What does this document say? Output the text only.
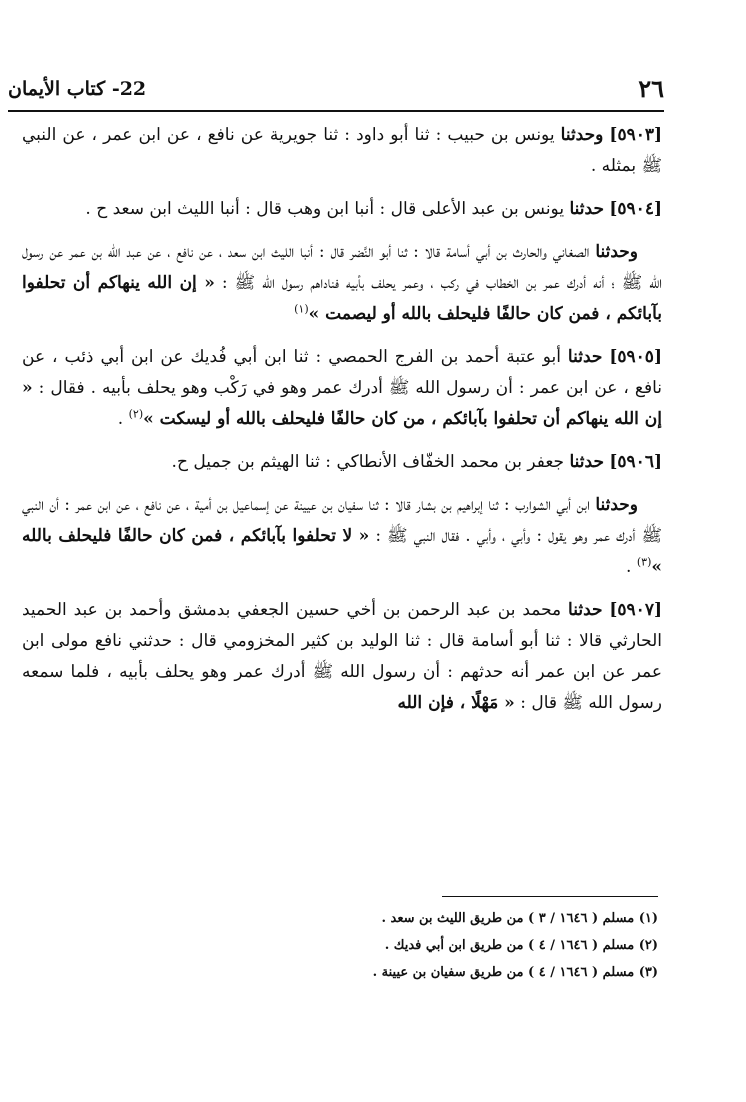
٢٦
22- كتاب الأيمان

[٥٩٠٣] وحدثنا يونس بن حبيب : ثنا أبو داود : ثنا جويرية عن نافع ، عن ابن عمر ، عن النبي ﷺ بمثله .

[٥٩٠٤] حدثنا يونس بن عبد الأعلى قال : أنبا ابن وهب قال : أنبا الليث ابن سعد ح .

وحدثنا الصغاني والحارث بن أبي أسامة قالا : ثنا أبو النَّضر قال : أنبا الليث ابن سعد ، عن نافع ، عن عبد الله بن عمر عن رسول الله ﷺ ؛ أنه أدرك عمر بن الخطاب في ركب ، وعمر يحلف بأبيه فناداهم رسول الله ﷺ : « إن الله ينهاكم أن تحلفوا بآبائكم ، فمن كان حالفًا فليحلف بالله أو ليصمت »$^{(١)}$

[٥٩٠٥] حدثنا أبو عتبة أحمد بن الفرج الحمصي : ثنا ابن أبي فُديك عن ابن أبي ذئب ، عن نافع ، عن ابن عمر : أن رسول الله ﷺ أدرك عمر وهو في رَكْب وهو يحلف بأبيه . فقال : « إن الله ينهاكم أن تحلفوا بآبائكم ، من كان حالفًا فليحلف بالله أو ليسكت »$^{(٢)}$ .

[٥٩٠٦] حدثنا جعفر بن محمد الخفّاف الأنطاكي : ثنا الهيثم بن جميل ح.

وحدثنا ابن أبي الشوارب : ثنا إبراهيم بن بشار قالا : ثنا سفيان بن عيينة عن إسماعيل بن أمية ، عن نافع ، عن ابن عمر : أن النبي ﷺ أدرك عمر وهو يقول : وأبي ، وأبي . فقال النبي ﷺ : « لا تحلفوا بآبائكم ، فمن كان حالفًا فليحلف بالله »$^{(٣)}$ .

[٥٩٠٧] حدثنا محمد بن عبد الرحمن بن أخي حسين الجعفي بدمشق وأحمد بن عبد الحميد الحارثي قالا : ثنا أبو أسامة قال : ثنا الوليد بن كثير المخزومي قال : حدثني نافع مولى ابن عمر عن ابن عمر أنه حدثهم : أن رسول الله ﷺ أدرك عمر وهو يحلف بأبيه ، فلما سمعه رسول الله ﷺ قال : « مَهْلًا ، فإن الله

(١) مسلم ( ١٦٤٦ / ٣ ) من طريق الليث بن سعد .
(٢) مسلم ( ١٦٤٦ / ٤ ) من طريق ابن أبي فديك .
(٣) مسلم ( ١٦٤٦ / ٤ ) من طريق سفيان بن عيينة .
